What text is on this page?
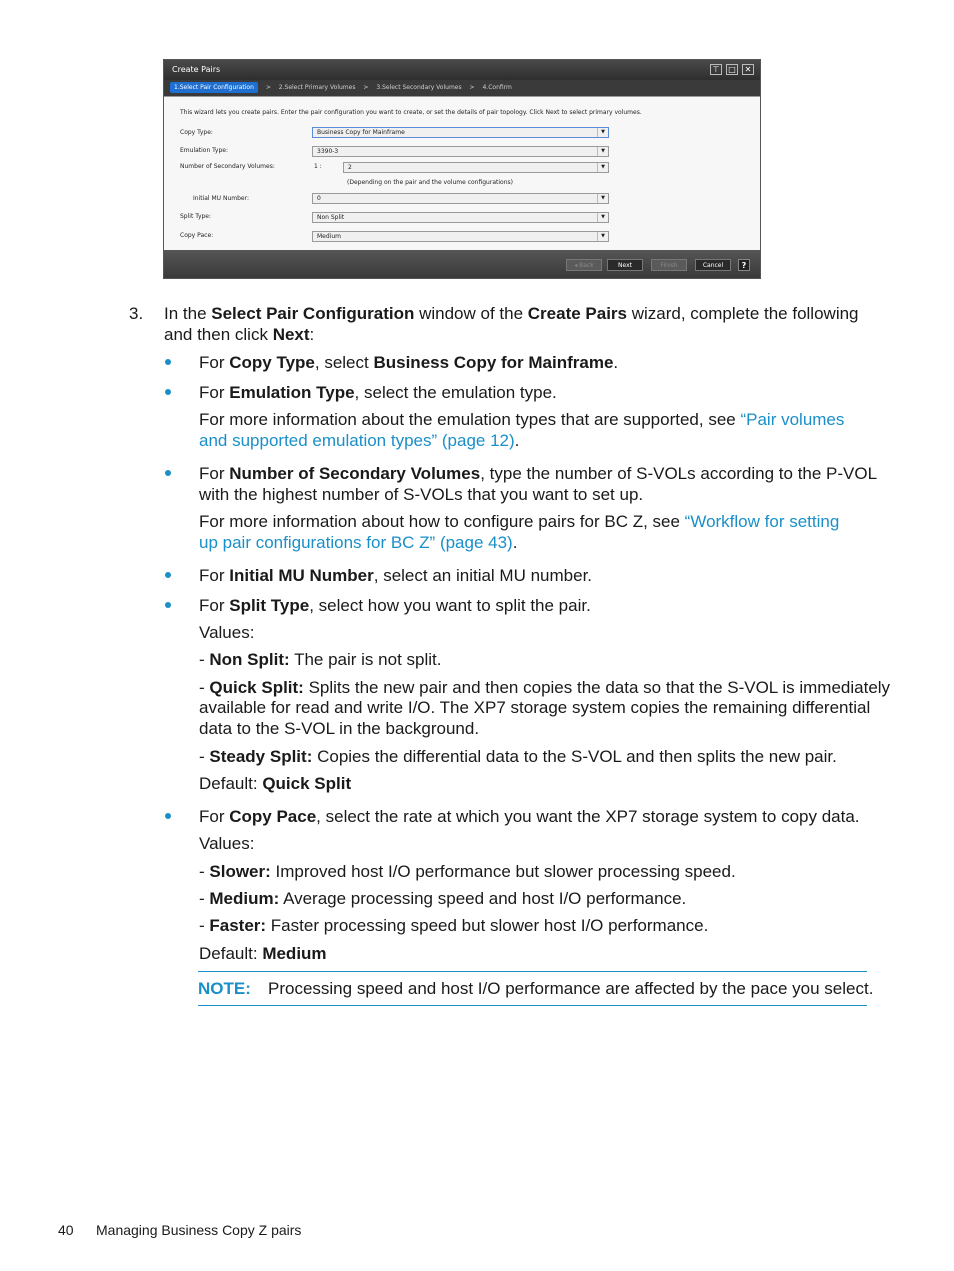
Create Pairs	⊤	□	✕
1.Select Pair Configuration > 2.Select Primary Volumes > 3.Select Secondary Volumes > 4.Confirm
This wizard lets you create pairs. Enter the pair configuration you want to create, or set the details of pair topology. Click Next to select primary volumes.
Copy Type:	Business Copy for Mainframe	▼
Emulation Type:	3390-3	▼
Number of Secondary Volumes:	1 :	2	▼
(Depending on the pair and the volume configurations)
Initial MU Number:	0	▼
Split Type:	Non Split	▼
Copy Pace:	Medium	▼
◂ Back	Next	Finish	Cancel	?
3. In the Select Pair Configuration window of the Create Pairs wizard, complete the following
and then click Next:
For Copy Type, select Business Copy for Mainframe.
For Emulation Type, select the emulation type.
For more information about the emulation types that are supported, see “Pair volumes
and supported emulation types” (page 12).
For Number of Secondary Volumes, type the number of S-VOLs according to the P-VOL
with the highest number of S-VOLs that you want to set up.
For more information about how to configure pairs for BC Z, see “Workflow for setting
up pair configurations for BC Z” (page 43).
For Initial MU Number, select an initial MU number.
For Split Type, select how you want to split the pair.
Values:
- Non Split: The pair is not split.
- Quick Split: Splits the new pair and then copies the data so that the S-VOL is immediately
available for read and write I/O. The XP7 storage system copies the remaining differential
data to the S-VOL in the background.
- Steady Split: Copies the differential data to the S-VOL and then splits the new pair.
Default: Quick Split
For Copy Pace, select the rate at which you want the XP7 storage system to copy data.
Values:
- Slower: Improved host I/O performance but slower processing speed.
- Medium: Average processing speed and host I/O performance.
- Faster: Faster processing speed but slower host I/O performance.
Default: Medium
NOTE: Processing speed and host I/O performance are affected by the pace you select.
40 Managing Business Copy Z pairs
